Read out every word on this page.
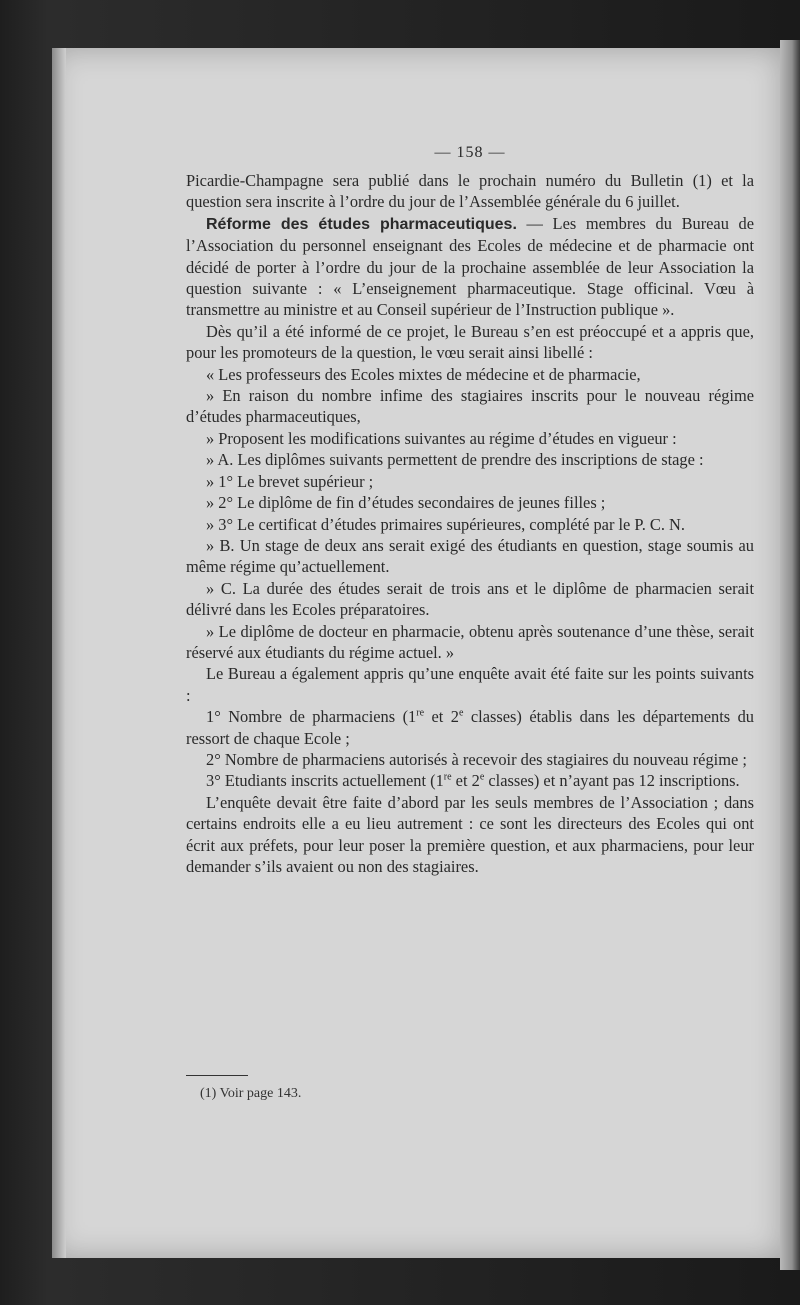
— 158 —

Picardie-Champagne sera publié dans le prochain numéro du Bulletin (1) et la question sera inscrite à l’ordre du jour de l’Assemblée générale du 6 juillet.

Réforme des études pharmaceutiques. — Les membres du Bureau de l’Association du personnel enseignant des Ecoles de médecine et de pharmacie ont décidé de porter à l’ordre du jour de la prochaine assemblée de leur Association la question suivante : « L’enseignement pharmaceutique. Stage officinal. Vœu à transmettre au ministre et au Conseil supérieur de l’Instruction publique ».

Dès qu’il a été informé de ce projet, le Bureau s’en est préoccupé et a appris que, pour les promoteurs de la question, le vœu serait ainsi libellé :

« Les professeurs des Ecoles mixtes de médecine et de pharmacie,

» En raison du nombre infime des stagiaires inscrits pour le nouveau régime d’études pharmaceutiques,

» Proposent les modifications suivantes au régime d’études en vigueur :

» A. Les diplômes suivants permettent de prendre des inscriptions de stage :

» 1° Le brevet supérieur ;

» 2° Le diplôme de fin d’études secondaires de jeunes filles ;

» 3° Le certificat d’études primaires supérieures, complété par le P. C. N.

» B. Un stage de deux ans serait exigé des étudiants en question, stage soumis au même régime qu’actuellement.

» C. La durée des études serait de trois ans et le diplôme de pharmacien serait délivré dans les Ecoles préparatoires.

» Le diplôme de docteur en pharmacie, obtenu après soutenance d’une thèse, serait réservé aux étudiants du régime actuel. »

Le Bureau a également appris qu’une enquête avait été faite sur les points suivants :

1° Nombre de pharmaciens (1re et 2e classes) établis dans les départements du ressort de chaque Ecole ;

2° Nombre de pharmaciens autorisés à recevoir des stagiaires du nouveau régime ;

3° Etudiants inscrits actuellement (1re et 2e classes) et n’ayant pas 12 inscriptions.

L’enquête devait être faite d’abord par les seuls membres de l’Association ; dans certains endroits elle a eu lieu autrement : ce sont les directeurs des Ecoles qui ont écrit aux préfets, pour leur poser la première question, et aux pharmaciens, pour leur demander s’ils avaient ou non des stagiaires.

(1) Voir page 143.
